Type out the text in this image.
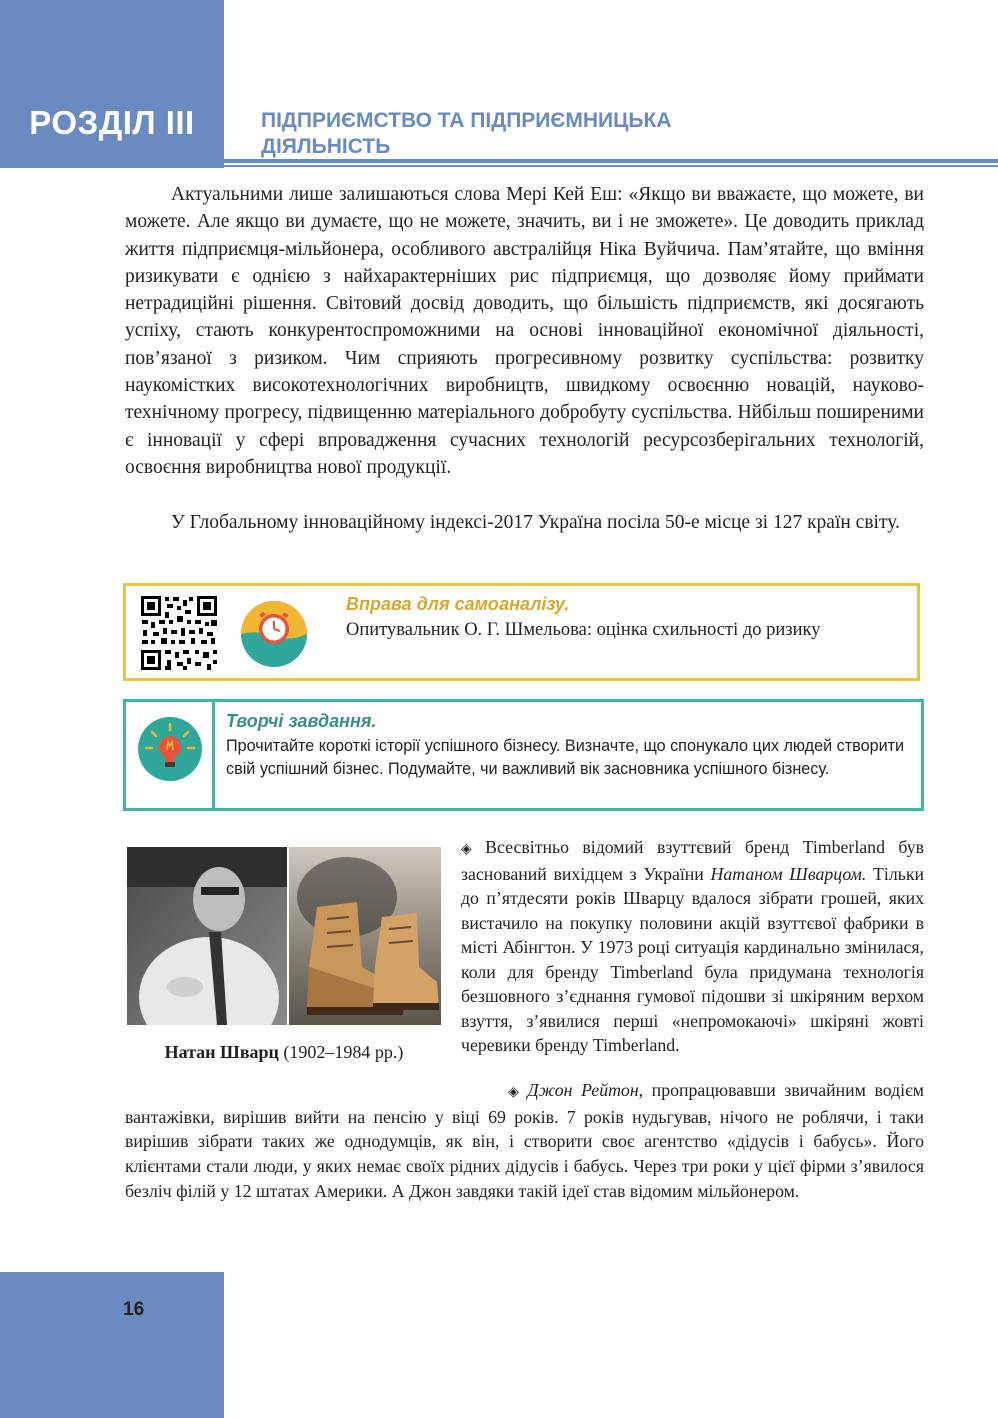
РОЗДІЛ ІІІ	ПІДПРИЄМСТВО ТА ПІДПРИЄМНИЦЬКА
ДІЯЛЬНІСТЬ

Актуальними лише залишаються слова Мері Кей Еш: «Якщо ви вважаєте, що можете, ви можете. Але якщо ви думаєте, що не можете, значить, ви і не зможете». Це доводить приклад життя підприємця-мільйонера, особливого австралійця Ніка Вуйчича. Пам’ятайте, що вміння ризикувати є однією з найхарактерніших рис підприємця, що дозволяє йому приймати нетрадиційні рішення. Світовий досвід доводить, що більшість підприємств, які досягають успіху, стають конкурентоспроможними на основі інноваційної економічної діяльності, пов’язаної з ризиком. Чим сприяють прогресивному розвитку суспільства: розвитку наукомістких високотехнологічних виробництв, швидкому освоєнню новацій, науково-технічному прогресу, підвищенню матеріального добробуту суспільства. Нйбільш поширеними є інновації у сфері впровадження сучасних технологій ресурсозберігальних технологій, освоєння виробництва нової продукції.

У Глобальному інноваційному індексі-2017 Україна посіла 50-е місце зі 127 країн світу.

Вправа для самоаналізу.
Опитувальник О. Г. Шмельова: оцінка схильності до ризику
Творчі завдання.
Прочитайте короткі історії успішного бізнесу. Визначте, що спонукало цих людей створити свій успішний бізнес. Подумайте, чи важливий вік засновника успішного бізнесу.
Натан Шварц (1902–1984 рр.)

◈ Всесвітньо відомий взуттєвий бренд Timberland був заснований вихідцем з України Натаном Шварцом. Тільки до п’ятдесяти років Шварцу вдалося зібрати грошей, яких вистачило на покупку половини акцій взуттєвої фабрики в місті Абінгтон. У 1973 році ситуація кардинально змінилася, коли для бренду Timberland була придумана технологія безшовного з’єднання гумової підошви зі шкіряним верхом взуття, з’явилися перші «непромокаючі» шкіряні жовті черевики бренду Timberland.

◈ Джон Рейтон, пропрацювавши звичайним водієм вантажівки, вирішив вийти на пенсію у віці 69 років. 7 років нудьгував, нічого не роблячи, і таки вирішив зібрати таких же однодумців, як він, і створити своє агентство «дідусів і бабусь». Його клієнтами стали люди, у яких немає своїх рідних дідусів і бабусь. Через три роки у цієї фірми з’явилося безліч філій у 12 штатах Америки. А Джон завдяки такій ідеї став відомим мільйонером.

16
